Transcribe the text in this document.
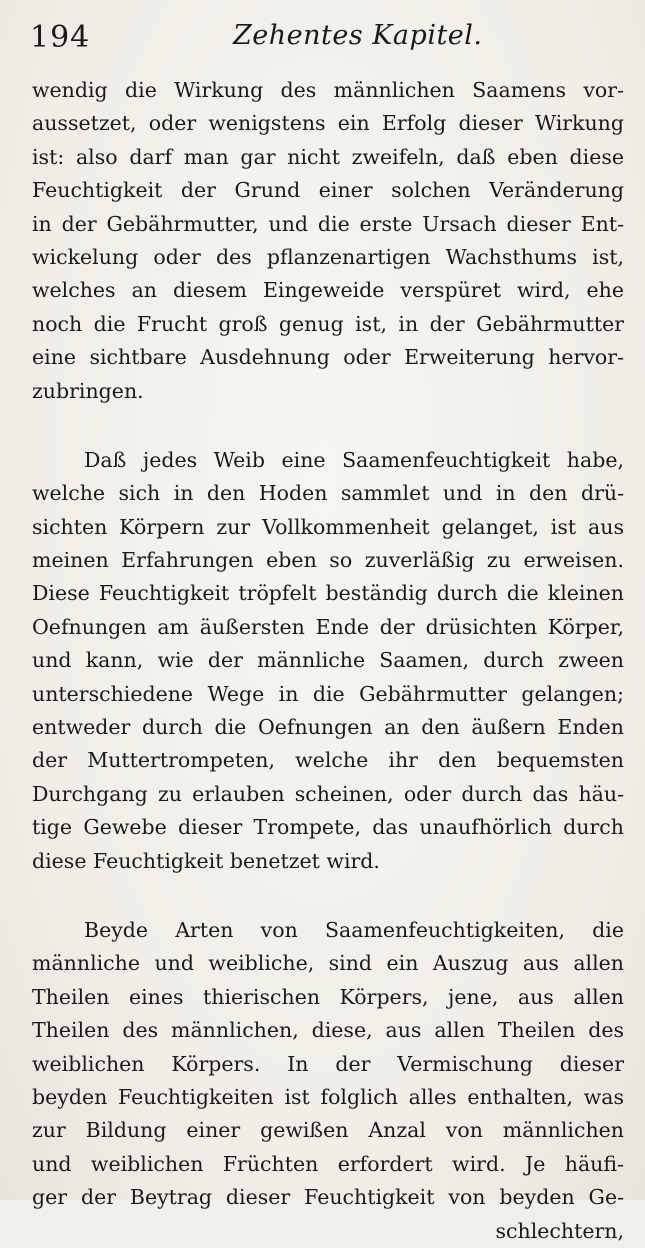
194	Zehentes Kapitel.
wendig die Wirkung des männlichen Saamens vor-
aussetzet, oder wenigstens ein Erfolg dieser Wirkung
ist: also darf man gar nicht zweifeln, daß eben diese
Feuchtigkeit der Grund einer solchen Veränderung
in der Gebährmutter, und die erste Ursach dieser Ent-
wickelung oder des pflanzenartigen Wachsthums ist,
welches an diesem Eingeweide verspüret wird, ehe
noch die Frucht groß genug ist, in der Gebährmutter
eine sichtbare Ausdehnung oder Erweiterung hervor-
zubringen.
Daß jedes Weib eine Saamenfeuchtigkeit habe,
welche sich in den Hoden sammlet und in den drü-
sichten Körpern zur Vollkommenheit gelanget, ist aus
meinen Erfahrungen eben so zuverläßig zu erweisen.
Diese Feuchtigkeit tröpfelt beständig durch die kleinen
Oefnungen am äußersten Ende der drüsichten Körper,
und kann, wie der männliche Saamen, durch zween
unterschiedene Wege in die Gebährmutter gelangen;
entweder durch die Oefnungen an den äußern Enden
der Muttertrompeten, welche ihr den bequemsten
Durchgang zu erlauben scheinen, oder durch das häu-
tige Gewebe dieser Trompete, das unaufhörlich durch
diese Feuchtigkeit benetzet wird.
Beyde Arten von Saamenfeuchtigkeiten, die
männliche und weibliche, sind ein Auszug aus allen
Theilen eines thierischen Körpers, jene, aus allen
Theilen des männlichen, diese, aus allen Theilen des
weiblichen Körpers. In der Vermischung dieser
beyden Feuchtigkeiten ist folglich alles enthalten, was
zur Bildung einer gewißen Anzal von männlichen
und weiblichen Früchten erfordert wird. Je häufi-
ger der Beytrag dieser Feuchtigkeit von beyden Ge-
schlechtern,
